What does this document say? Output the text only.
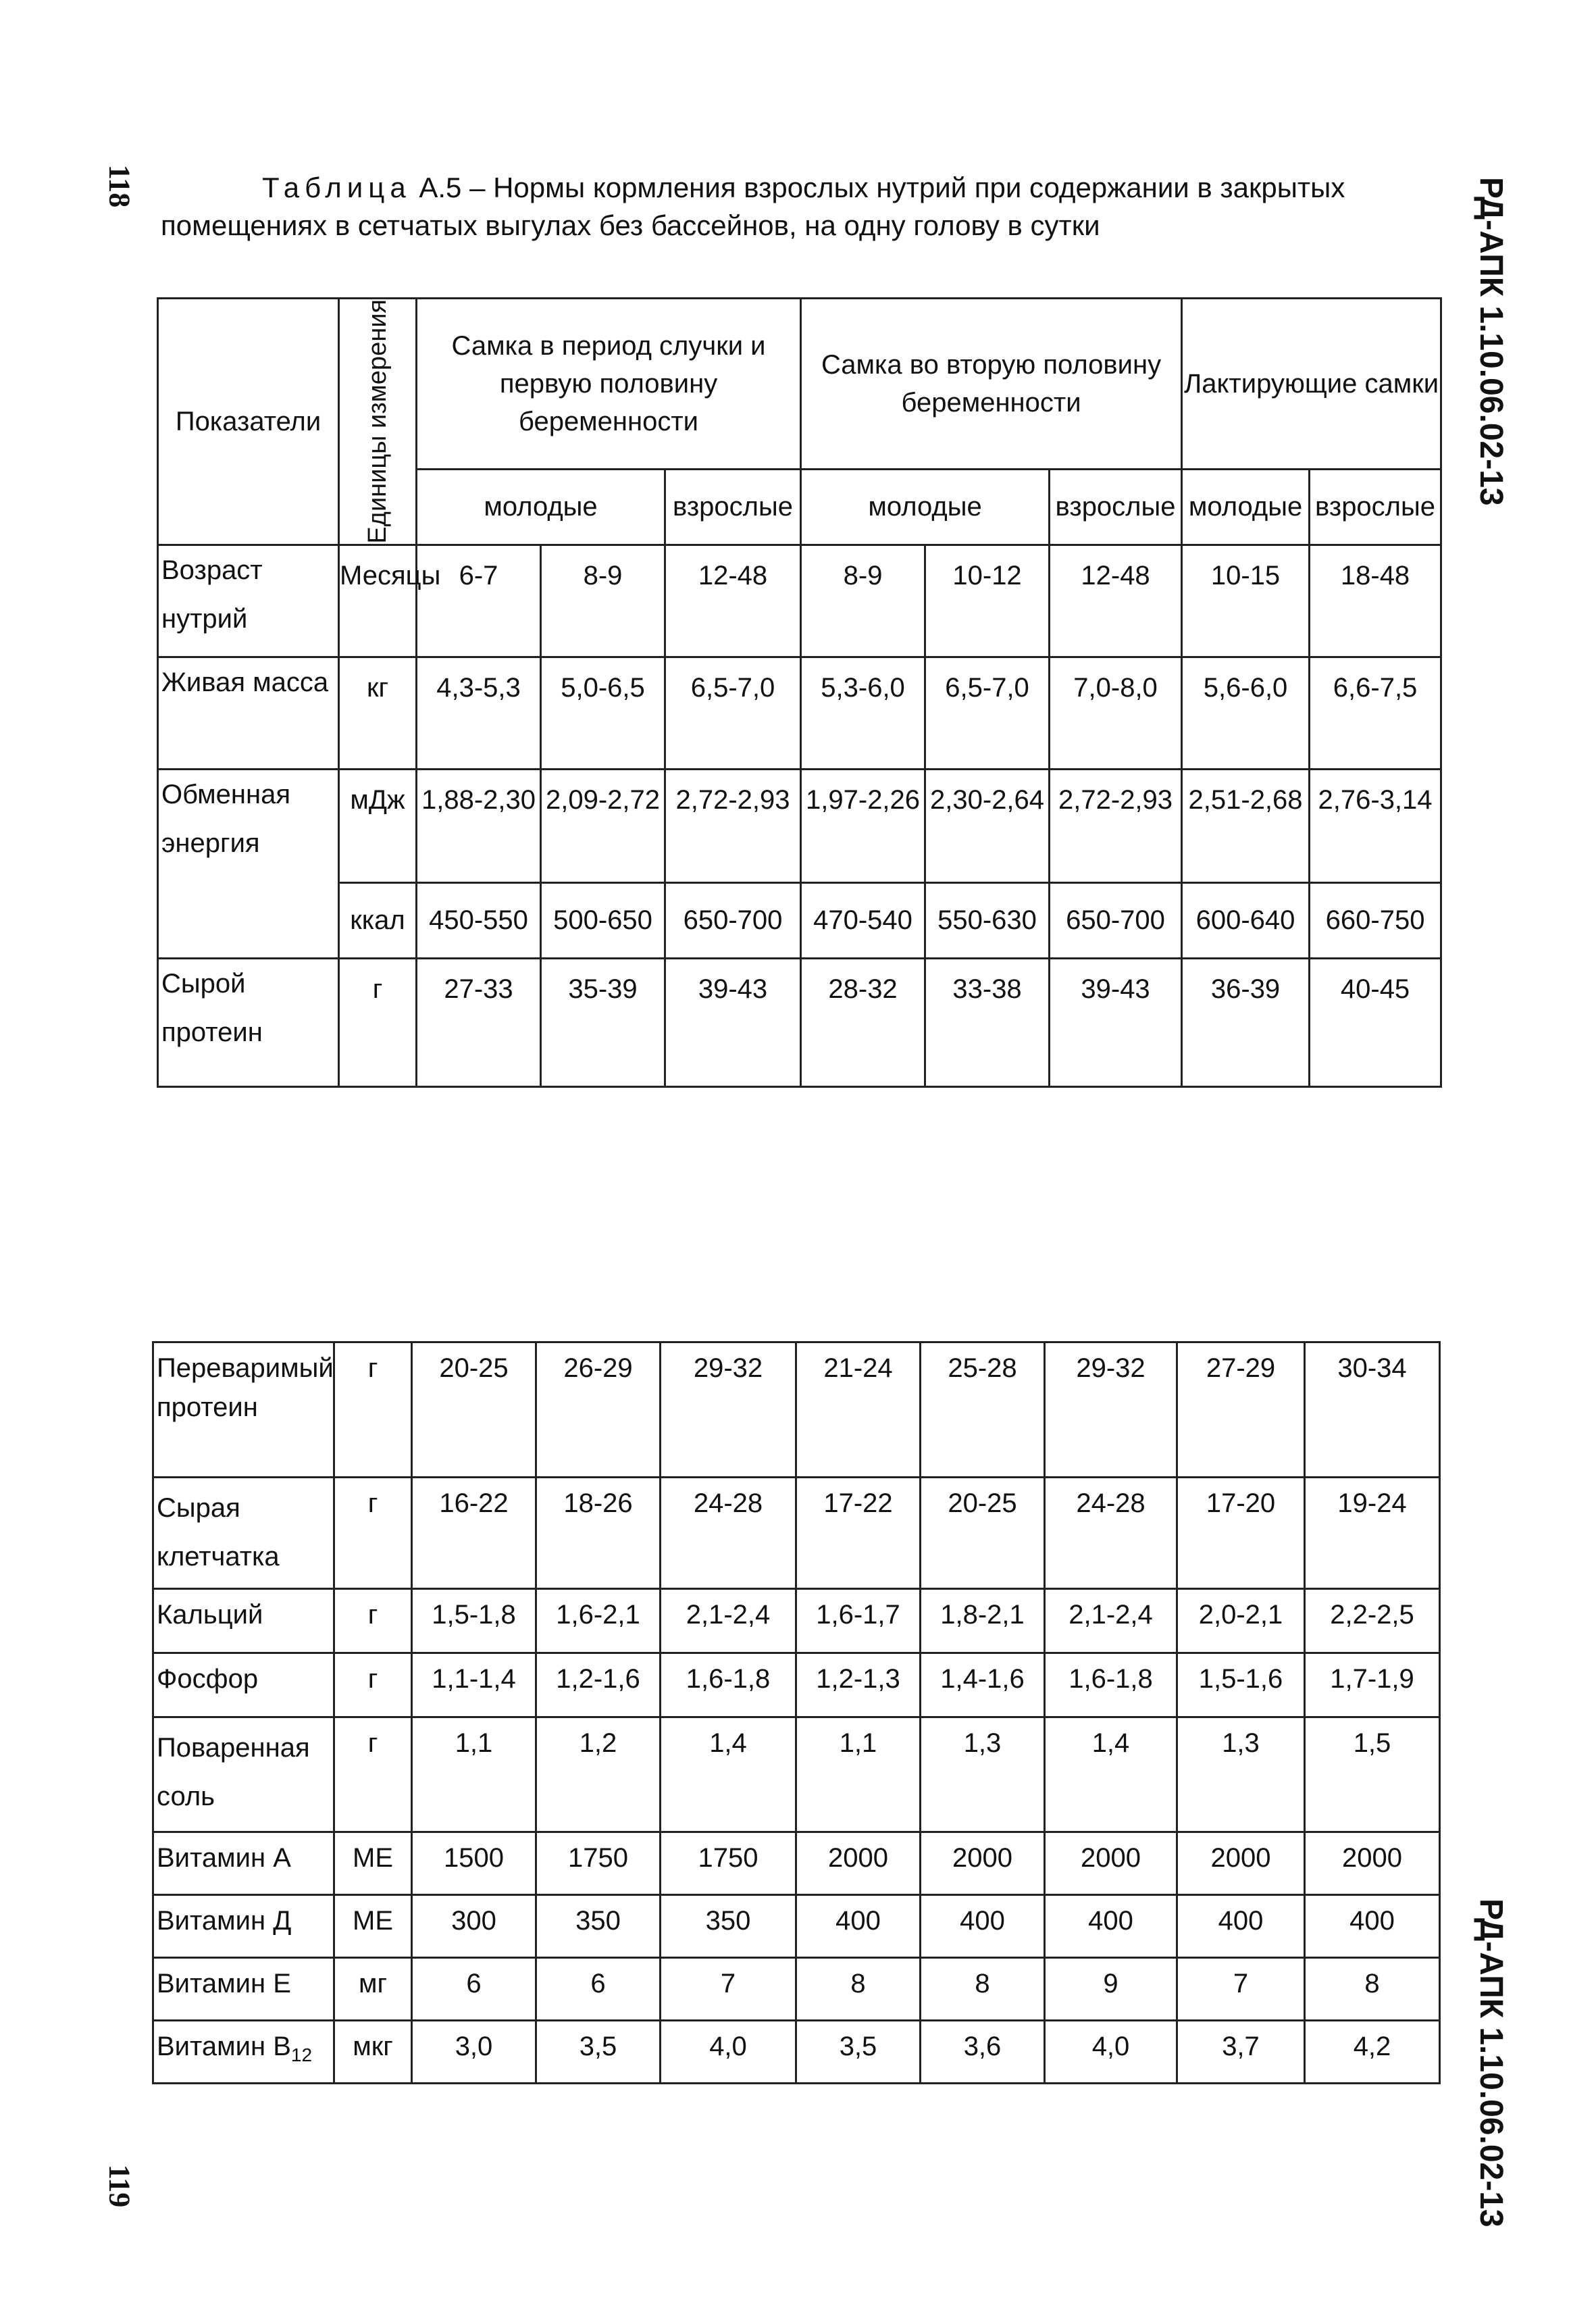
118
119
РД-АПК 1.10.06.02-13
РД-АПК 1.10.06.02-13
Таблица А.5 – Нормы кормления взрослых нутрий при содержании в закрытых помещениях в сетчатых выгулах без бассейнов, на одну голову в сутки
Показатели	Единицы измерения	Самка в период случки и первую половину беременности			Самка во вторую половину беременности			Лактирующие самки	
		молодые		взрослые	молодые		взрослые	молодые	взрослые
Возраст нутрий	Месяцы	6-7	8-9	12-48	8-9	10-12	12-48	10-15	18-48
Живая масса	кг	4,3-5,3	5,0-6,5	6,5-7,0	5,3-6,0	6,5-7,0	7,0-8,0	5,6-6,0	6,6-7,5
Обменная энергия	мДж	1,88-2,30	2,09-2,72	2,72-2,93	1,97-2,26	2,30-2,64	2,72-2,93	2,51-2,68	2,76-3,14
	ккал	450-550	500-650	650-700	470-540	550-630	650-700	600-640	660-750
Сырой протеин	г	27-33	35-39	39-43	28-32	33-38	39-43	36-39	40-45
Переваримый протеин	г	20-25	26-29	29-32	21-24	25-28	29-32	27-29	30-34
Сырая клетчатка	г	16-22	18-26	24-28	17-22	20-25	24-28	17-20	19-24
Кальций	г	1,5-1,8	1,6-2,1	2,1-2,4	1,6-1,7	1,8-2,1	2,1-2,4	2,0-2,1	2,2-2,5
Фосфор	г	1,1-1,4	1,2-1,6	1,6-1,8	1,2-1,3	1,4-1,6	1,6-1,8	1,5-1,6	1,7-1,9
Поваренная соль	г	1,1	1,2	1,4	1,1	1,3	1,4	1,3	1,5
Витамин А	МЕ	1500	1750	1750	2000	2000	2000	2000	2000
Витамин Д	МЕ	300	350	350	400	400	400	400	400
Витамин Е	мг	6	6	7	8	8	9	7	8
Витамин $В_{12}$	мкг	3,0	3,5	4,0	3,5	3,6	4,0	3,7	4,2
